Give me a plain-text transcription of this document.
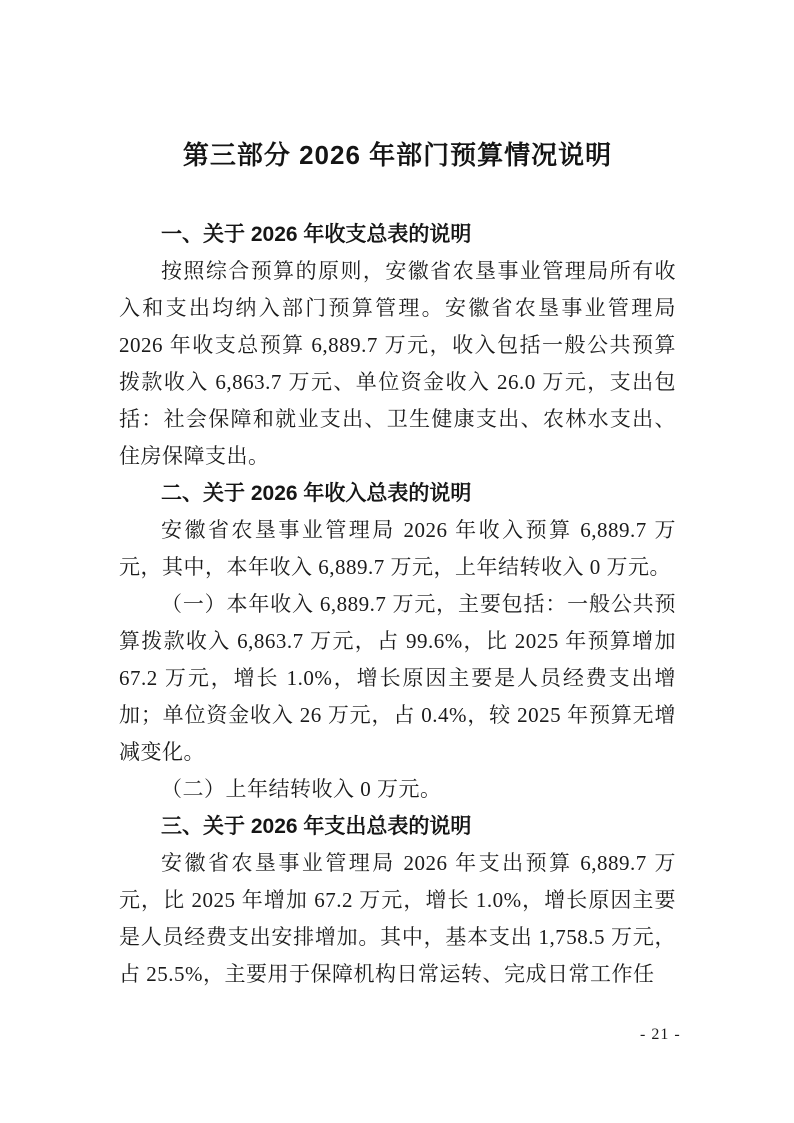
第三部分 2026 年部门预算情况说明
一、关于 2026 年收支总表的说明

按照综合预算的原则，安徽省农垦事业管理局所有收入和支出均纳入部门预算管理。安徽省农垦事业管理局 2026 年收支总预算 6,889.7 万元，收入包括一般公共预算拨款收入 6,863.7 万元、单位资金收入 26.0 万元，支出包括：社会保障和就业支出、卫生健康支出、农林水支出、住房保障支出。

二、关于 2026 年收入总表的说明

安徽省农垦事业管理局 2026 年收入预算 6,889.7 万元，其中，本年收入 6,889.7 万元，上年结转收入 0 万元。

（一）本年收入 6,889.7 万元，主要包括：一般公共预算拨款收入 6,863.7 万元，占 99.6%，比 2025 年预算增加 67.2 万元，增长 1.0%，增长原因主要是人员经费支出增加；单位资金收入 26 万元，占 0.4%，较 2025 年预算无增减变化。

（二）上年结转收入 0 万元。

三、关于 2026 年支出总表的说明

安徽省农垦事业管理局 2026 年支出预算 6,889.7 万元，比 2025 年增加 67.2 万元，增长 1.0%，增长原因主要是人员经费支出安排增加。其中，基本支出 1,758.5 万元，占 25.5%，主要用于保障机构日常运转、完成日常工作任

- 21 -
